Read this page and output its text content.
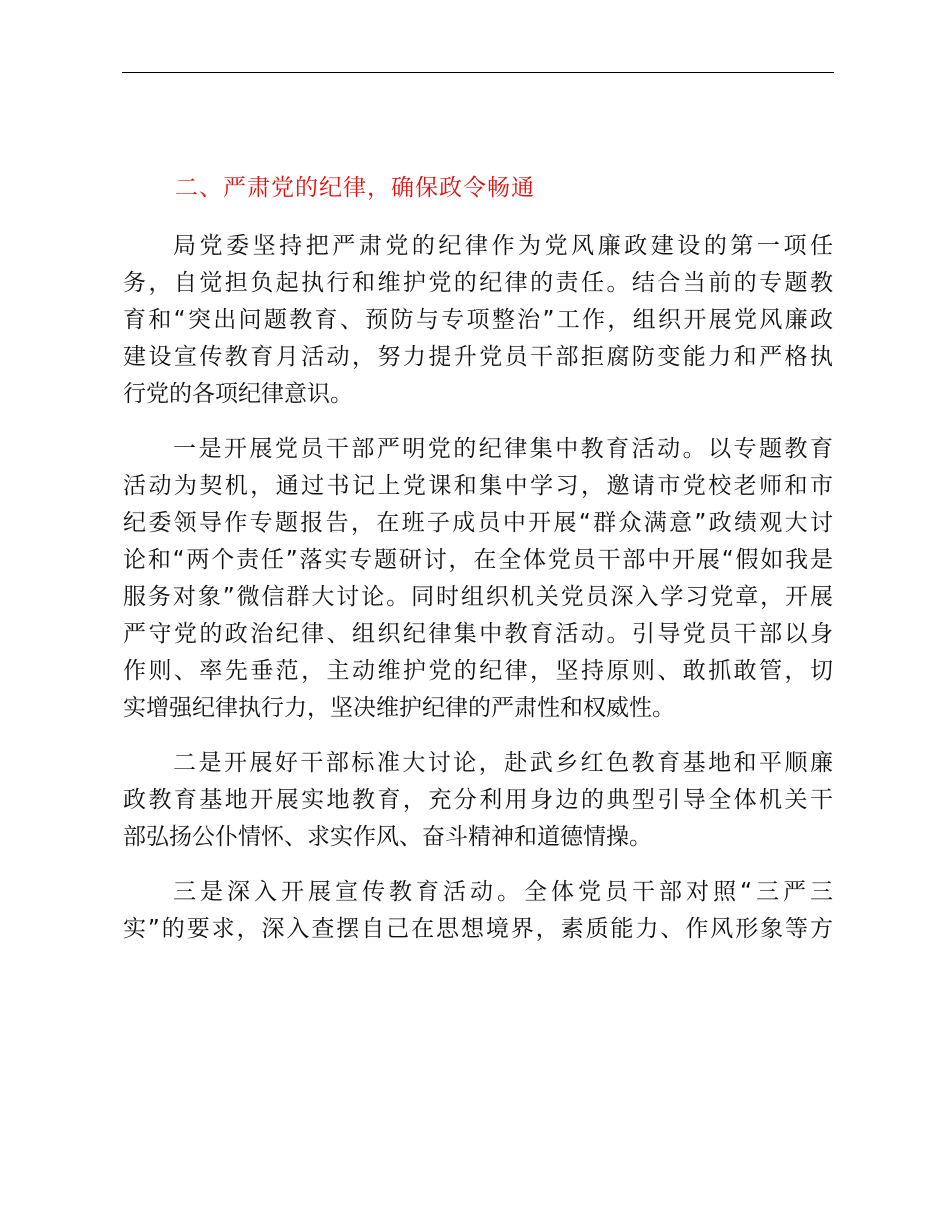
二、严肃党的纪律，确保政令畅通
局党委坚持把严肃党的纪律作为党风廉政建设的第一项任
务，自觉担负起执行和维护党的纪律的责任。结合当前的专题教
育和“突出问题教育、预防与专项整治”工作，组织开展党风廉政
建设宣传教育月活动，努力提升党员干部拒腐防变能力和严格执
行党的各项纪律意识。
一是开展党员干部严明党的纪律集中教育活动。以专题教育
活动为契机，通过书记上党课和集中学习，邀请市党校老师和市
纪委领导作专题报告，在班子成员中开展“群众满意”政绩观大讨
论和“两个责任”落实专题研讨，在全体党员干部中开展“假如我是
服务对象”微信群大讨论。同时组织机关党员深入学习党章，开展
严守党的政治纪律、组织纪律集中教育活动。引导党员干部以身
作则、率先垂范，主动维护党的纪律，坚持原则、敢抓敢管，切
实增强纪律执行力，坚决维护纪律的严肃性和权威性。
二是开展好干部标准大讨论，赴武乡红色教育基地和平顺廉
政教育基地开展实地教育，充分利用身边的典型引导全体机关干
部弘扬公仆情怀、求实作风、奋斗精神和道德情操。
三是深入开展宣传教育活动。全体党员干部对照“三严三
实”的要求，深入查摆自己在思想境界，素质能力、作风形象等方
